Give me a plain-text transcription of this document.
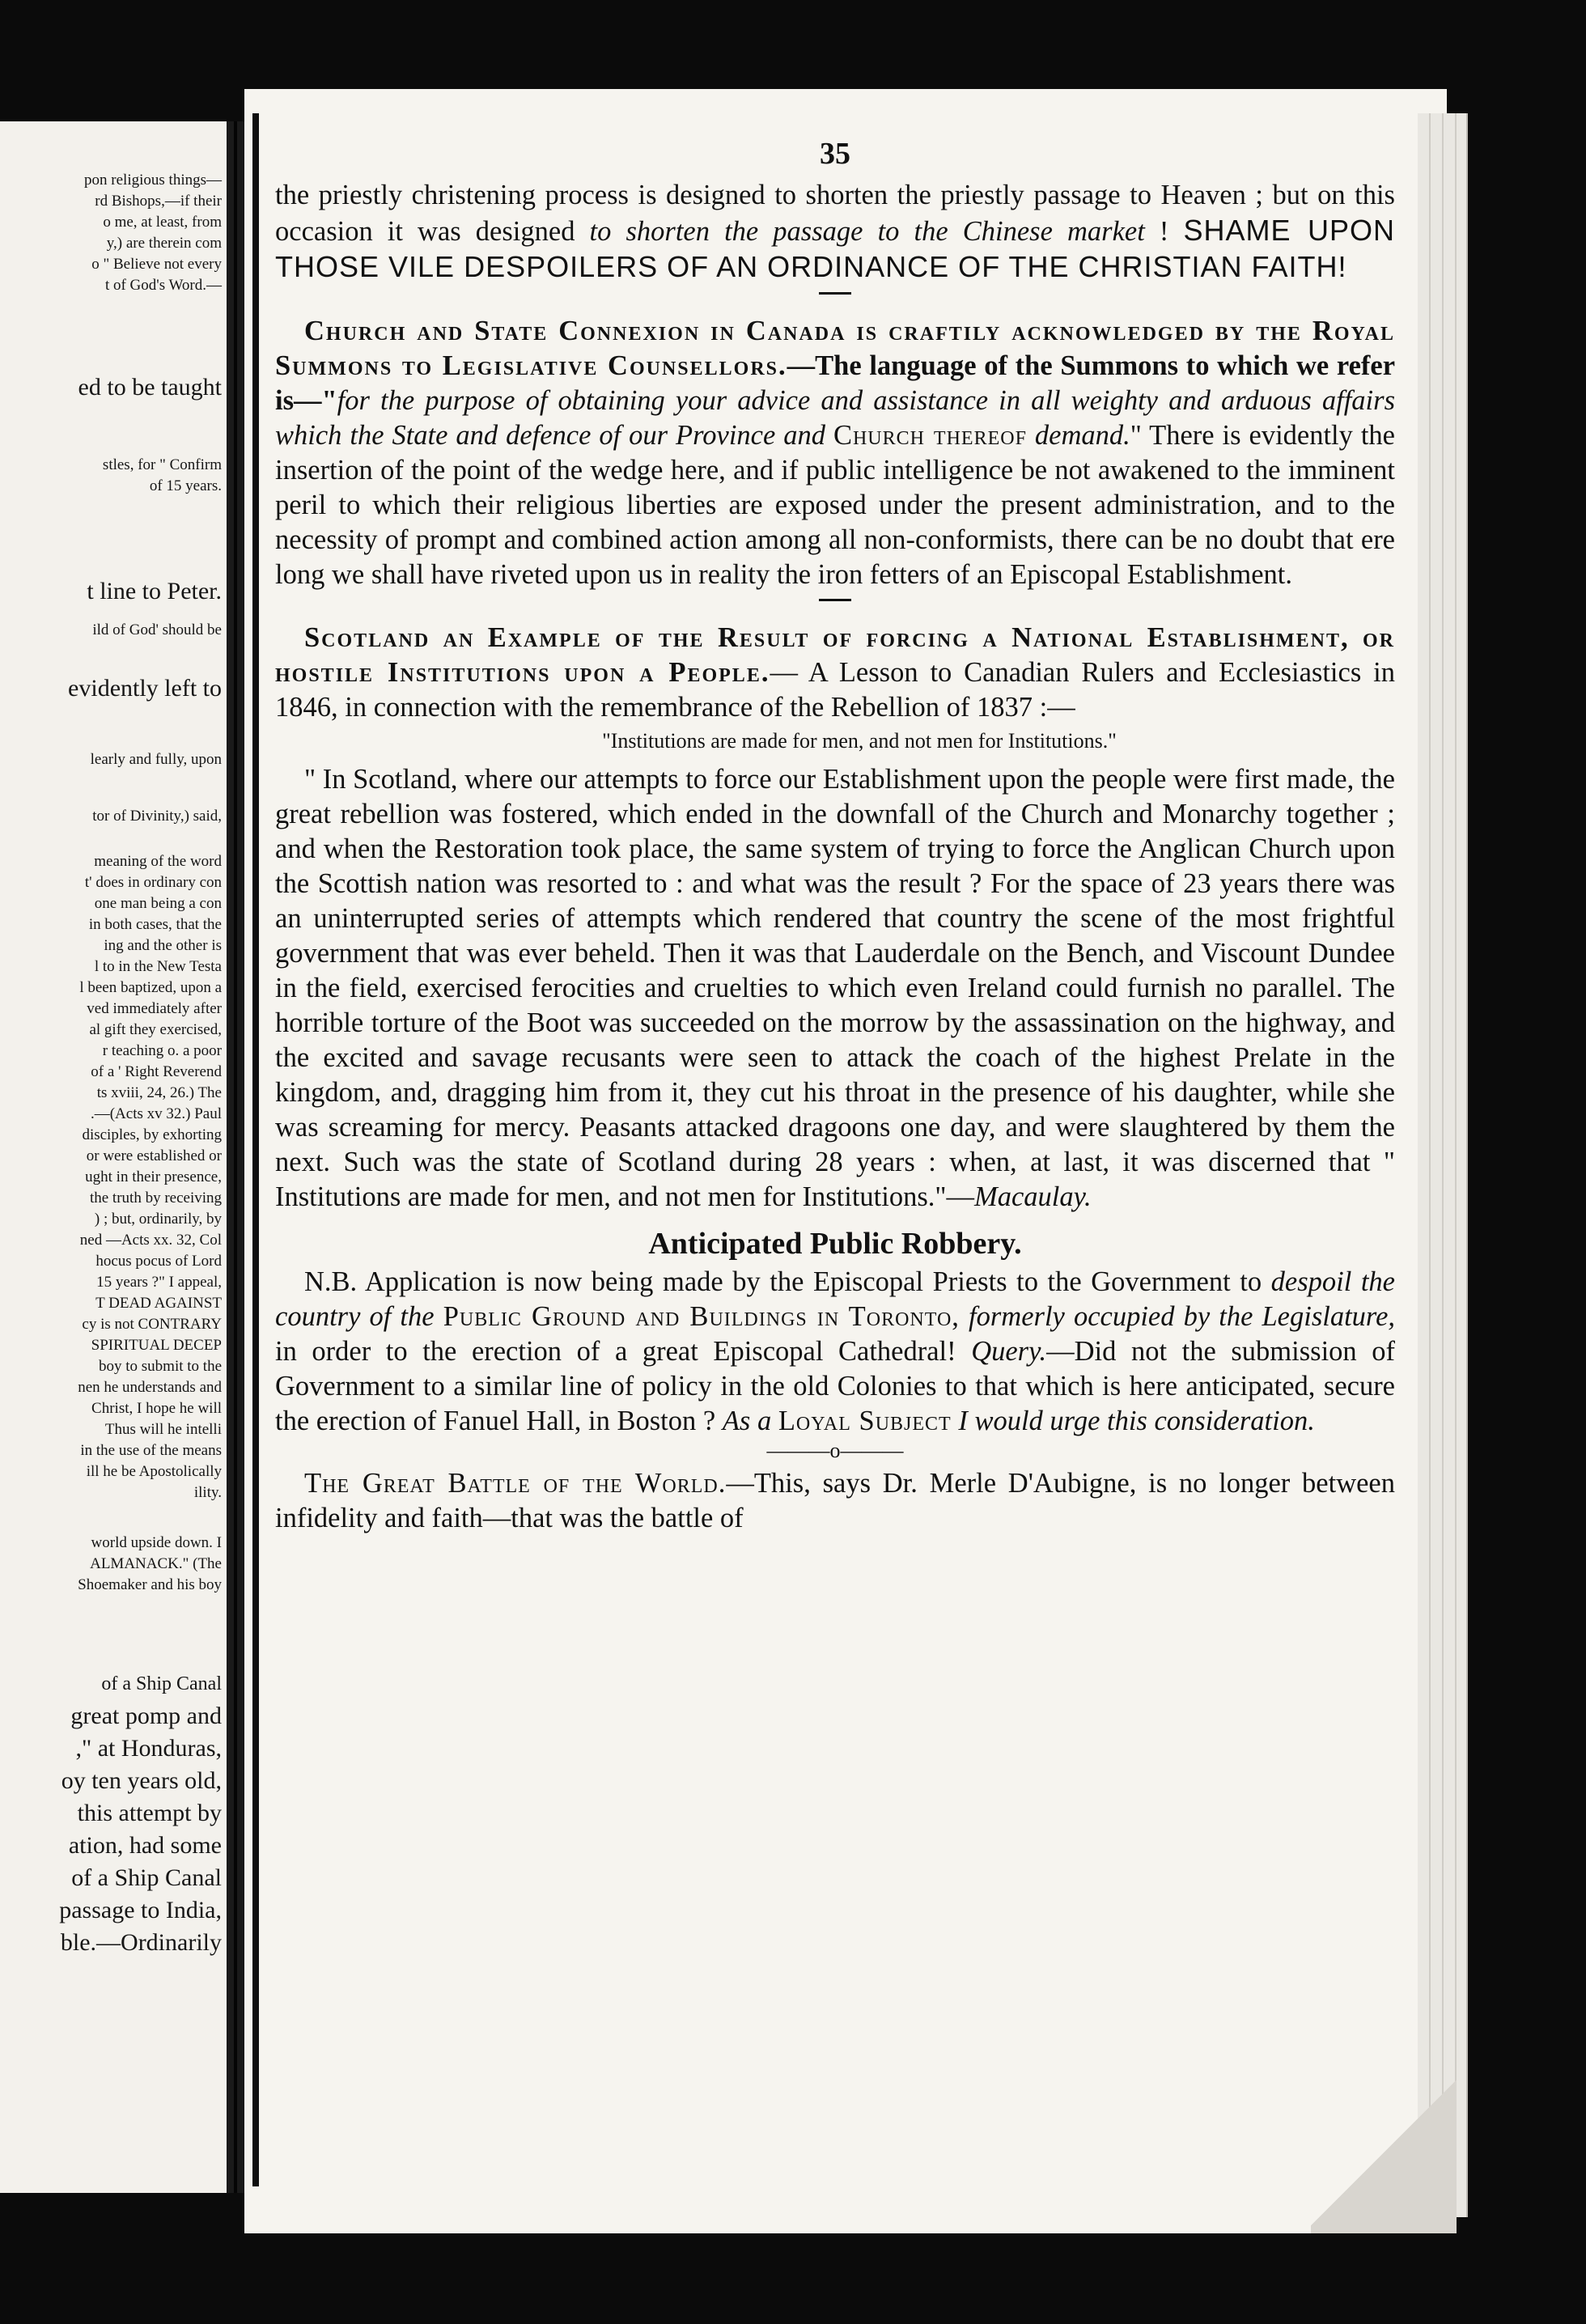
pon religious things—
rd Bishops,—if their
o me, at least, from
y,) are therein com
o " Believe not every
t of God's Word.—
ed to be taught
stles, for " Confirm
of 15 years.
t line to Peter.
ild of God' should be
evidently left to
learly and fully, upon
tor of Divinity,) said,
meaning of the word
t' does in ordinary con
one man being a con
in both cases, that the
ing and the other is
l to in the New Testa
l been baptized, upon a
ved immediately after
al gift they exercised,
r teaching o. a poor
of a ' Right Reverend
ts xviii, 24, 26.) The
.—(Acts xv 32.) Paul
disciples, by exhorting
or were established or
ught in their presence,
the truth by receiving
) ; but, ordinarily, by
ned —Acts xx. 32, Col
hocus pocus of Lord
15 years ?" I appeal,
T DEAD AGAINST
cy is not CONTRARY
SPIRITUAL DECEP
boy to submit to the
nen he understands and
Christ, I hope he will
Thus will he intelli
in the use of the means
ill he be Apostolically
ility.
world upside down. I
ALMANACK." (The
Shoemaker and his boy
of a Ship Canal
great pomp and
," at Honduras,
oy ten years old,
this attempt by
ation, had some
of a Ship Canal
passage to India,
ble.—Ordinarily
35

the priestly christening process is designed to shorten the priestly passage to Heaven ; but on this occasion it was designed to shorten the passage to the Chinese market ! SHAME UPON THOSE VILE DESPOILERS OF AN ORDINANCE OF THE CHRISTIAN FAITH!

Church and State Connexion in Canada is craftily acknowledged by the Royal Summons to Legislative Counsellors.—The language of the Summons to which we refer is—"for the purpose of obtaining your advice and assistance in all weighty and arduous affairs which the State and defence of our Province and Church thereof demand." There is evidently the insertion of the point of the wedge here, and if public intelligence be not awakened to the imminent peril to which their religious liberties are exposed under the present administration, and to the necessity of prompt and combined action among all non-conformists, there can be no doubt that ere long we shall have riveted upon us in reality the iron fetters of an Episcopal Establishment.

Scotland an Example of the Result of forcing a National Establishment, or hostile Institutions upon a People.— A Lesson to Canadian Rulers and Ecclesiastics in 1846, in connection with the remembrance of the Rebellion of 1837 :—

"Institutions are made for men, and not men for Institutions."

" In Scotland, where our attempts to force our Establishment upon the people were first made, the great rebellion was fostered, which ended in the downfall of the Church and Monarchy together ; and when the Restoration took place, the same system of trying to force the Anglican Church upon the Scottish nation was resorted to : and what was the result ? For the space of 23 years there was an uninterrupted series of attempts which rendered that country the scene of the most frightful government that was ever beheld. Then it was that Lauderdale on the Bench, and Viscount Dundee in the field, exercised ferocities and cruelties to which even Ireland could furnish no parallel. The horrible torture of the Boot was succeeded on the morrow by the assassination on the highway, and the excited and savage recusants were seen to attack the coach of the highest Prelate in the kingdom, and, dragging him from it, they cut his throat in the presence of his daughter, while she was screaming for mercy. Peasants attacked dragoons one day, and were slaughtered by them the next. Such was the state of Scotland during 28 years : when, at last, it was discerned that " Institutions are made for men, and not men for Institutions."—Macaulay.

Anticipated Public Robbery.

N.B. Application is now being made by the Episcopal Priests to the Government to despoil the country of the Public Ground and Buildings in Toronto, formerly occupied by the Legislature, in order to the erection of a great Episcopal Cathedral! Query.—Did not the submission of Government to a similar line of policy in the old Colonies to that which is here anticipated, secure the erection of Fanuel Hall, in Boston ? As a Loyal Subject I would urge this consideration.

———o———

The Great Battle of the World.—This, says Dr. Merle D'Aubigne, is no longer between infidelity and faith—that was the battle of
